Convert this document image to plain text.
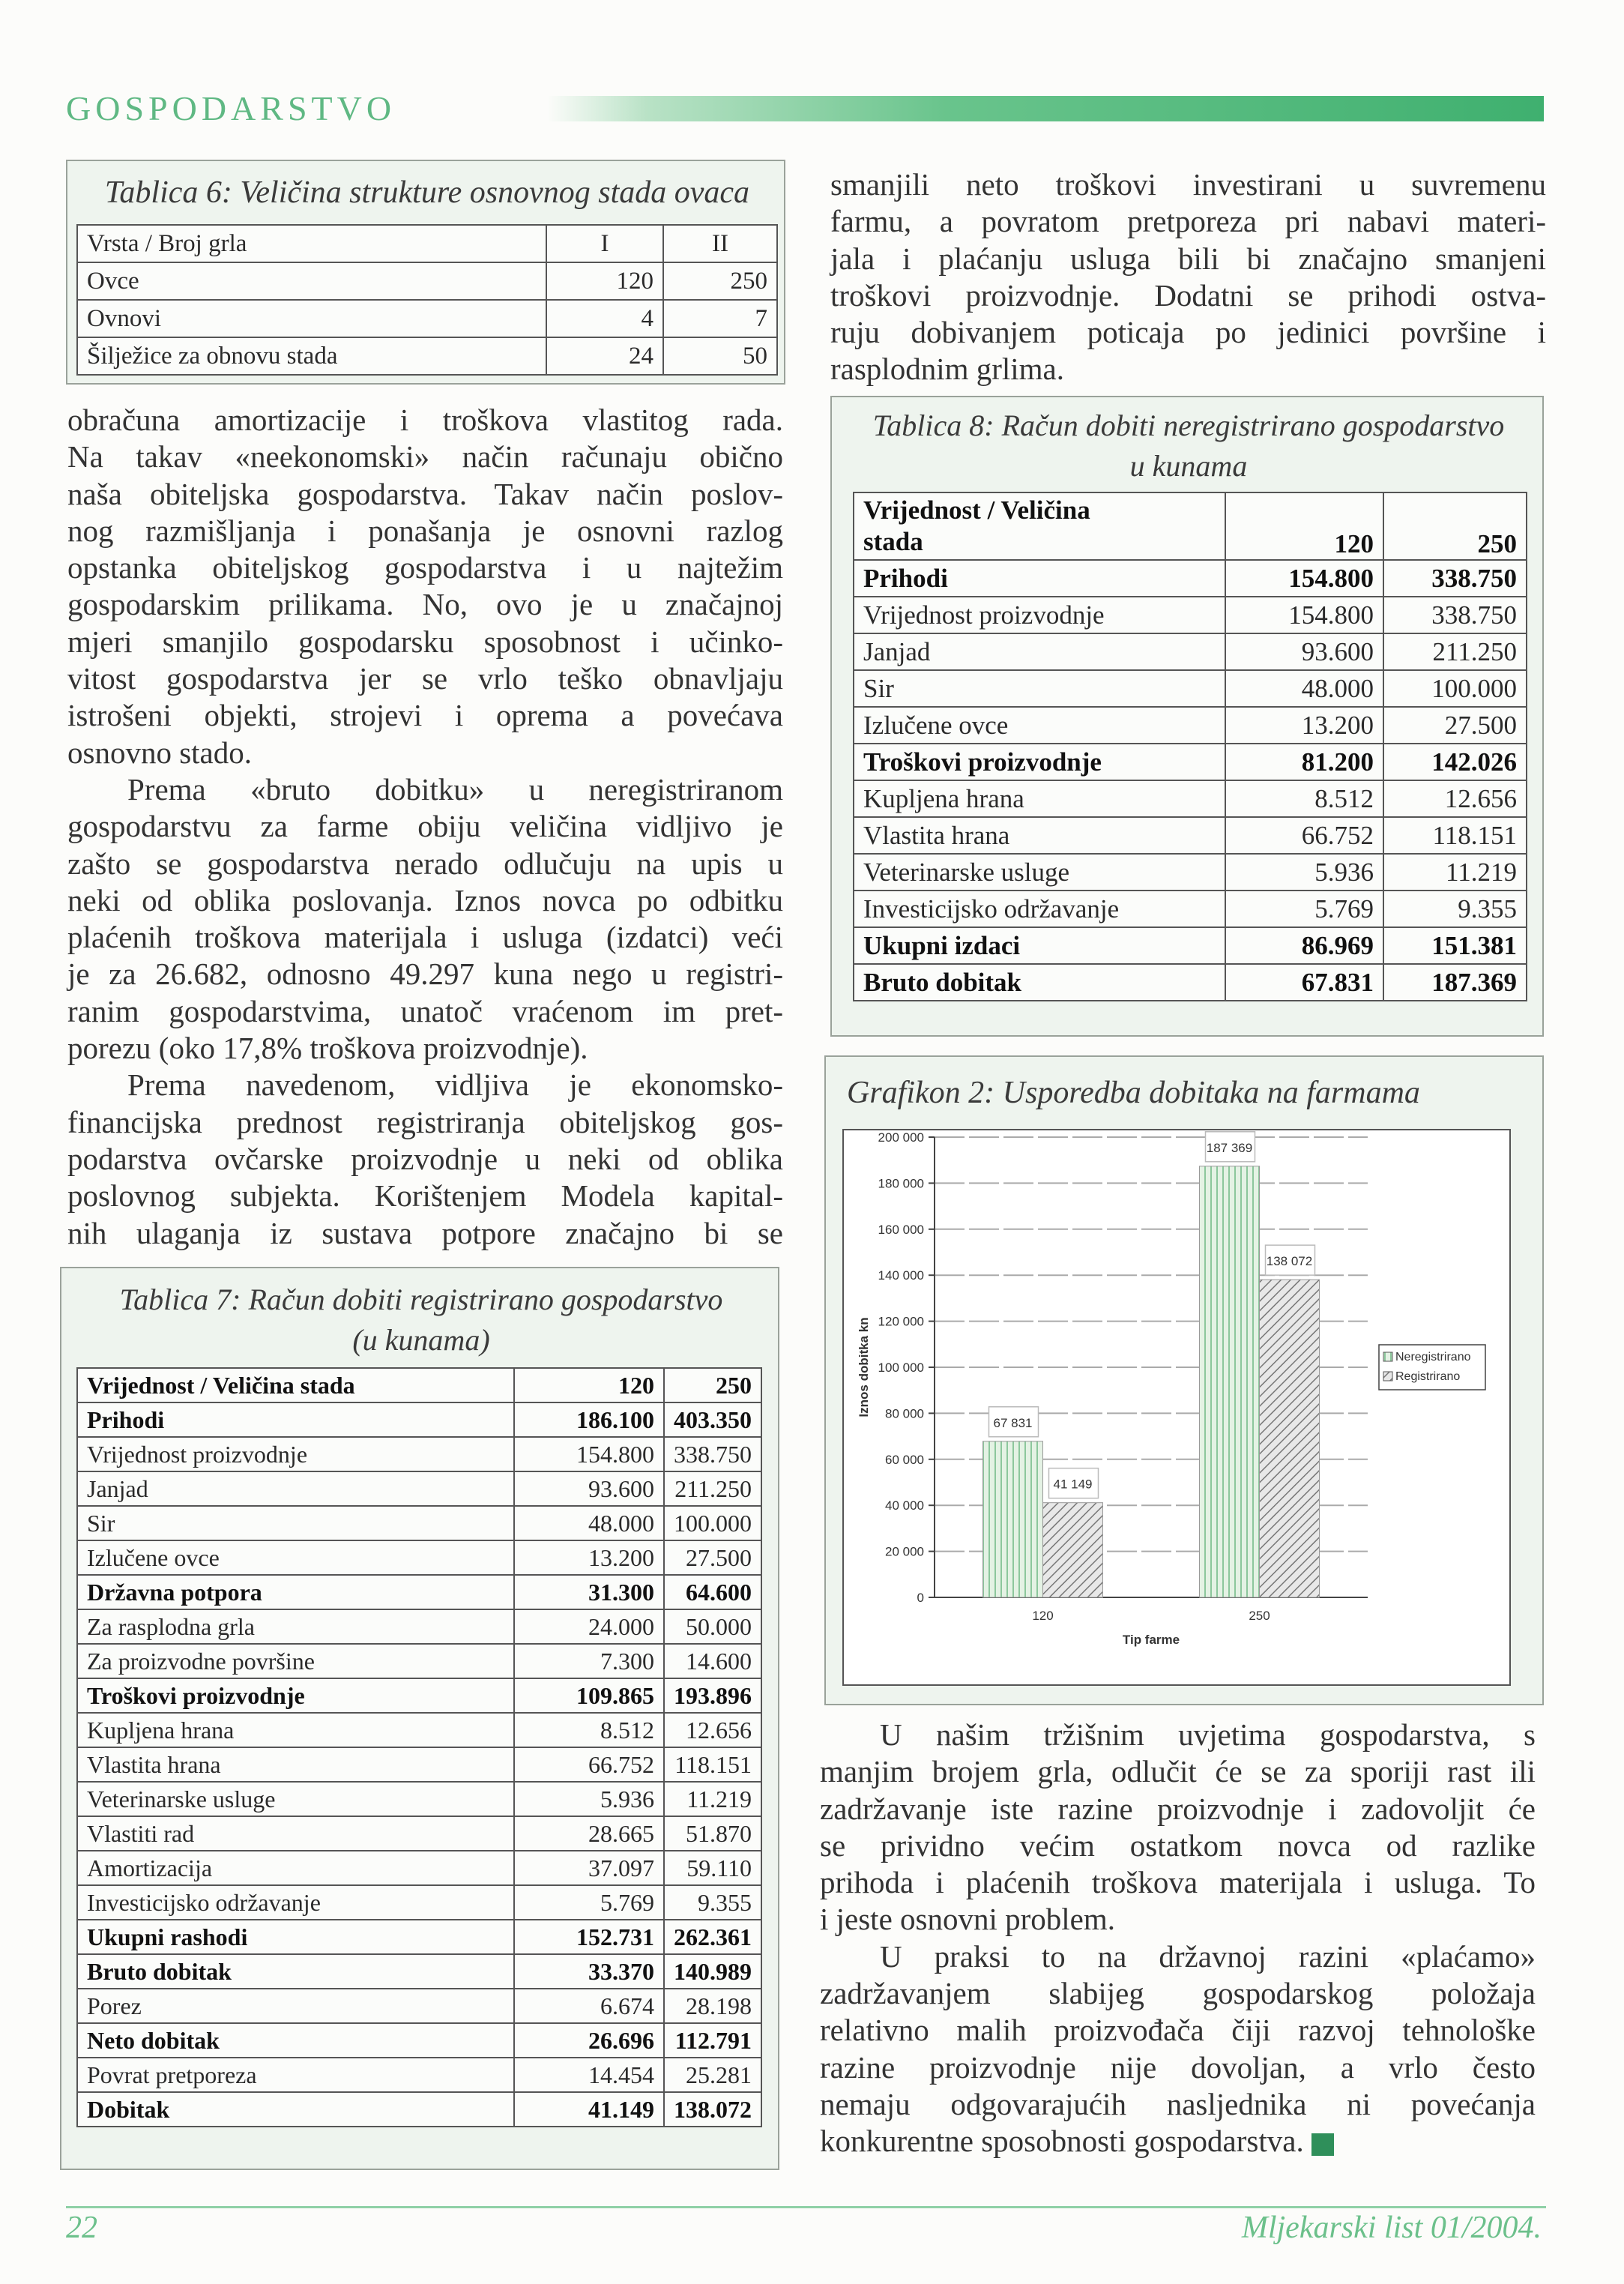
GOSPODARSTVO
Tablica 6: Veličina strukture osnovnog stada ovaca
Vrsta / Broj grla	I	II
Ovce	120	250
Ovnovi	4	7
Šilježice za obnovu stada	24	50
obračuna amortizacije i troškova vlastitog rada.
Na takav «neekonomski» način računaju obično
naša obiteljska gospodarstva. Takav način poslov-
nog razmišljanja i ponašanja je osnovni razlog
opstanka obiteljskog gospodarstva i u najtežim
gospodarskim prilikama. No, ovo je u značajnoj
mjeri smanjilo gospodarsku sposobnost i učinko-
vitost gospodarstva jer se vrlo teško obnavljaju
istrošeni objekti, strojevi i oprema a povećava
osnovno stado.
Prema «bruto dobitku» u neregistriranom
gospodarstvu za farme obiju veličina vidljivo je
zašto se gospodarstva nerado odlučuju na upis u
neki od oblika poslovanja. Iznos novca po odbitku
plaćenih troškova materijala i usluga (izdatci) veći
je za 26.682, odnosno 49.297 kuna nego u registri-
ranim gospodarstvima, unatoč vraćenom im pret-
porezu (oko 17,8% troškova proizvodnje).
Prema navedenom, vidljiva je ekonomsko-
financijska prednost registriranja obiteljskog gos-
podarstva ovčarske proizvodnje u neki od oblika
poslovnog subjekta. Korištenjem Modela kapital-
nih ulaganja iz sustava potpore značajno bi se
Tablica 7: Račun dobiti registrirano gospodarstvo
(u kunama)
Vrijednost / Veličina stada	120	250
Prihodi	186.100	403.350
Vrijednost proizvodnje	154.800	338.750
Janjad	93.600	211.250
Sir	48.000	100.000
Izlučene ovce	13.200	27.500
Državna potpora	31.300	64.600
Za rasplodna grla	24.000	50.000
Za proizvodne površine	7.300	14.600
Troškovi proizvodnje	109.865	193.896
Kupljena hrana	8.512	12.656
Vlastita hrana	66.752	118.151
Veterinarske usluge	5.936	11.219
Vlastiti rad	28.665	51.870
Amortizacija	37.097	59.110
Investicijsko održavanje	5.769	9.355
Ukupni rashodi	152.731	262.361
Bruto dobitak	33.370	140.989
Porez	6.674	28.198
Neto dobitak	26.696	112.791
Povrat pretporeza	14.454	25.281
Dobitak	41.149	138.072
smanjili neto troškovi investirani u suvremenu
farmu, a povratom pretporeza pri nabavi materi-
jala i plaćanju usluga bili bi značajno smanjeni
troškovi proizvodnje. Dodatni se prihodi ostva-
ruju dobivanjem poticaja po jedinici površine i
rasplodnim grlima.
Tablica 8: Račun dobiti neregistrirano gospodarstvo
u kunama
Vrijednost / Veličina
stada	120	250
Prihodi	154.800	338.750
Vrijednost proizvodnje	154.800	338.750
Janjad	93.600	211.250
Sir	48.000	100.000
Izlučene ovce	13.200	27.500
Troškovi proizvodnje	81.200	142.026
Kupljena hrana	8.512	12.656
Vlastita hrana	66.752	118.151
Veterinarske usluge	5.936	11.219
Investicijsko održavanje	5.769	9.355
Ukupni izdaci	86.969	151.381
Bruto dobitak	67.831	187.369
Grafikon 2: Usporedba dobitaka na farmama
0
20 000
40 000
60 000
80 000
100 000
120 000
140 000
160 000
180 000
200 000
67 831
41 149
120
187 369
138 072
250
Tip farme
Iznos dobitka kn	Neregistrirano
Registrirano
U našim tržišnim uvjetima gospodarstva, s
manjim brojem grla, odlučit će se za sporiji rast ili
zadržavanje iste razine proizvodnje i zadovoljit će
se prividno većim ostatkom novca od razlike
prihoda i plaćenih troškova materijala i usluga. To
i jeste osnovni problem.
U praksi to na državnoj razini «plaćamo»
zadržavanjem slabijeg gospodarskog položaja
relativno malih proizvođača čiji razvoj tehnološke
razine proizvodnje nije dovoljan, a vrlo često
nemaju odgovarajućih nasljednika ni povećanja
konkurentne sposobnosti gospodarstva.
22	Mljekarski list 01/2004.
